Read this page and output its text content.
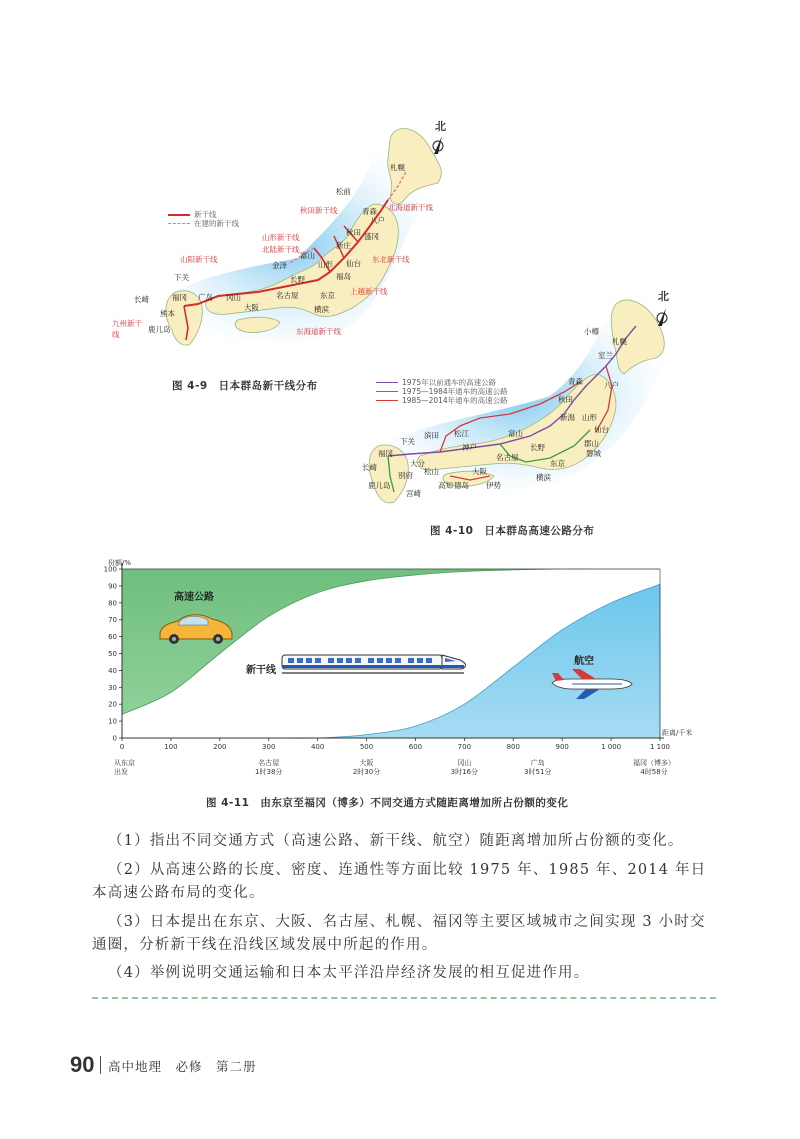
北
新干线
在建的新干线
秋田新干线	北海道新干线
山形新干线
北陆新干线
东北新干线
山阳新干线
上越新干线
九州新干线	东海道新干线
札幌
松前
青森
八户
秋田 盛冈
新庄
仙台
山形
福岛
金泽
长野
富山
东京
横滨
名古屋
大阪
冈山
广岛
下关
福冈
长崎
熊本
鹿儿岛
图 4-9　日本群岛新干线分布
北
1975年以前通车的高速公路
1975—1984年通车的高速公路
1985—2014年通车的高速公路
小樽
札幌
室兰
青森	八户
秋田
新潟 山形
仙台
郡山
磐城
富山
长野
东京
横滨
名古屋
神户
大阪
伊势
松江
滨田
下关
福冈
长崎
别府
大分
宫崎
鹿儿岛
松山
高知 德岛
图 4-10　日本群岛高速公路分布
0
10
20
30
40
50
60
70
80
90
100
0	100	200	300	400	500	600	700	800	900	1 000	1 100
份额/%
距离/千米
从东京
出发
名古屋
1时38分
大阪
2时30分
冈山
3时16分
广岛
3时51分
福冈（博多）
4时58分
高速公路
新干线
航空
图 4-11　由东京至福冈（博多）不同交通方式随距离增加所占份额的变化
（1）指出不同交通方式（高速公路、新干线、航空）随距离增加所占份额的变化。
（2）从高速公路的长度、密度、连通性等方面比较 1975 年、1985 年、2014 年日本高速公路布局的变化。
（3）日本提出在东京、大阪、名古屋、札幌、福冈等主要区域城市之间实现 3 小时交通圈，分析新干线在沿线区域发展中所起的作用。
（4）举例说明交通运输和日本太平洋沿岸经济发展的相互促进作用。
90 高中地理　必修　第二册
